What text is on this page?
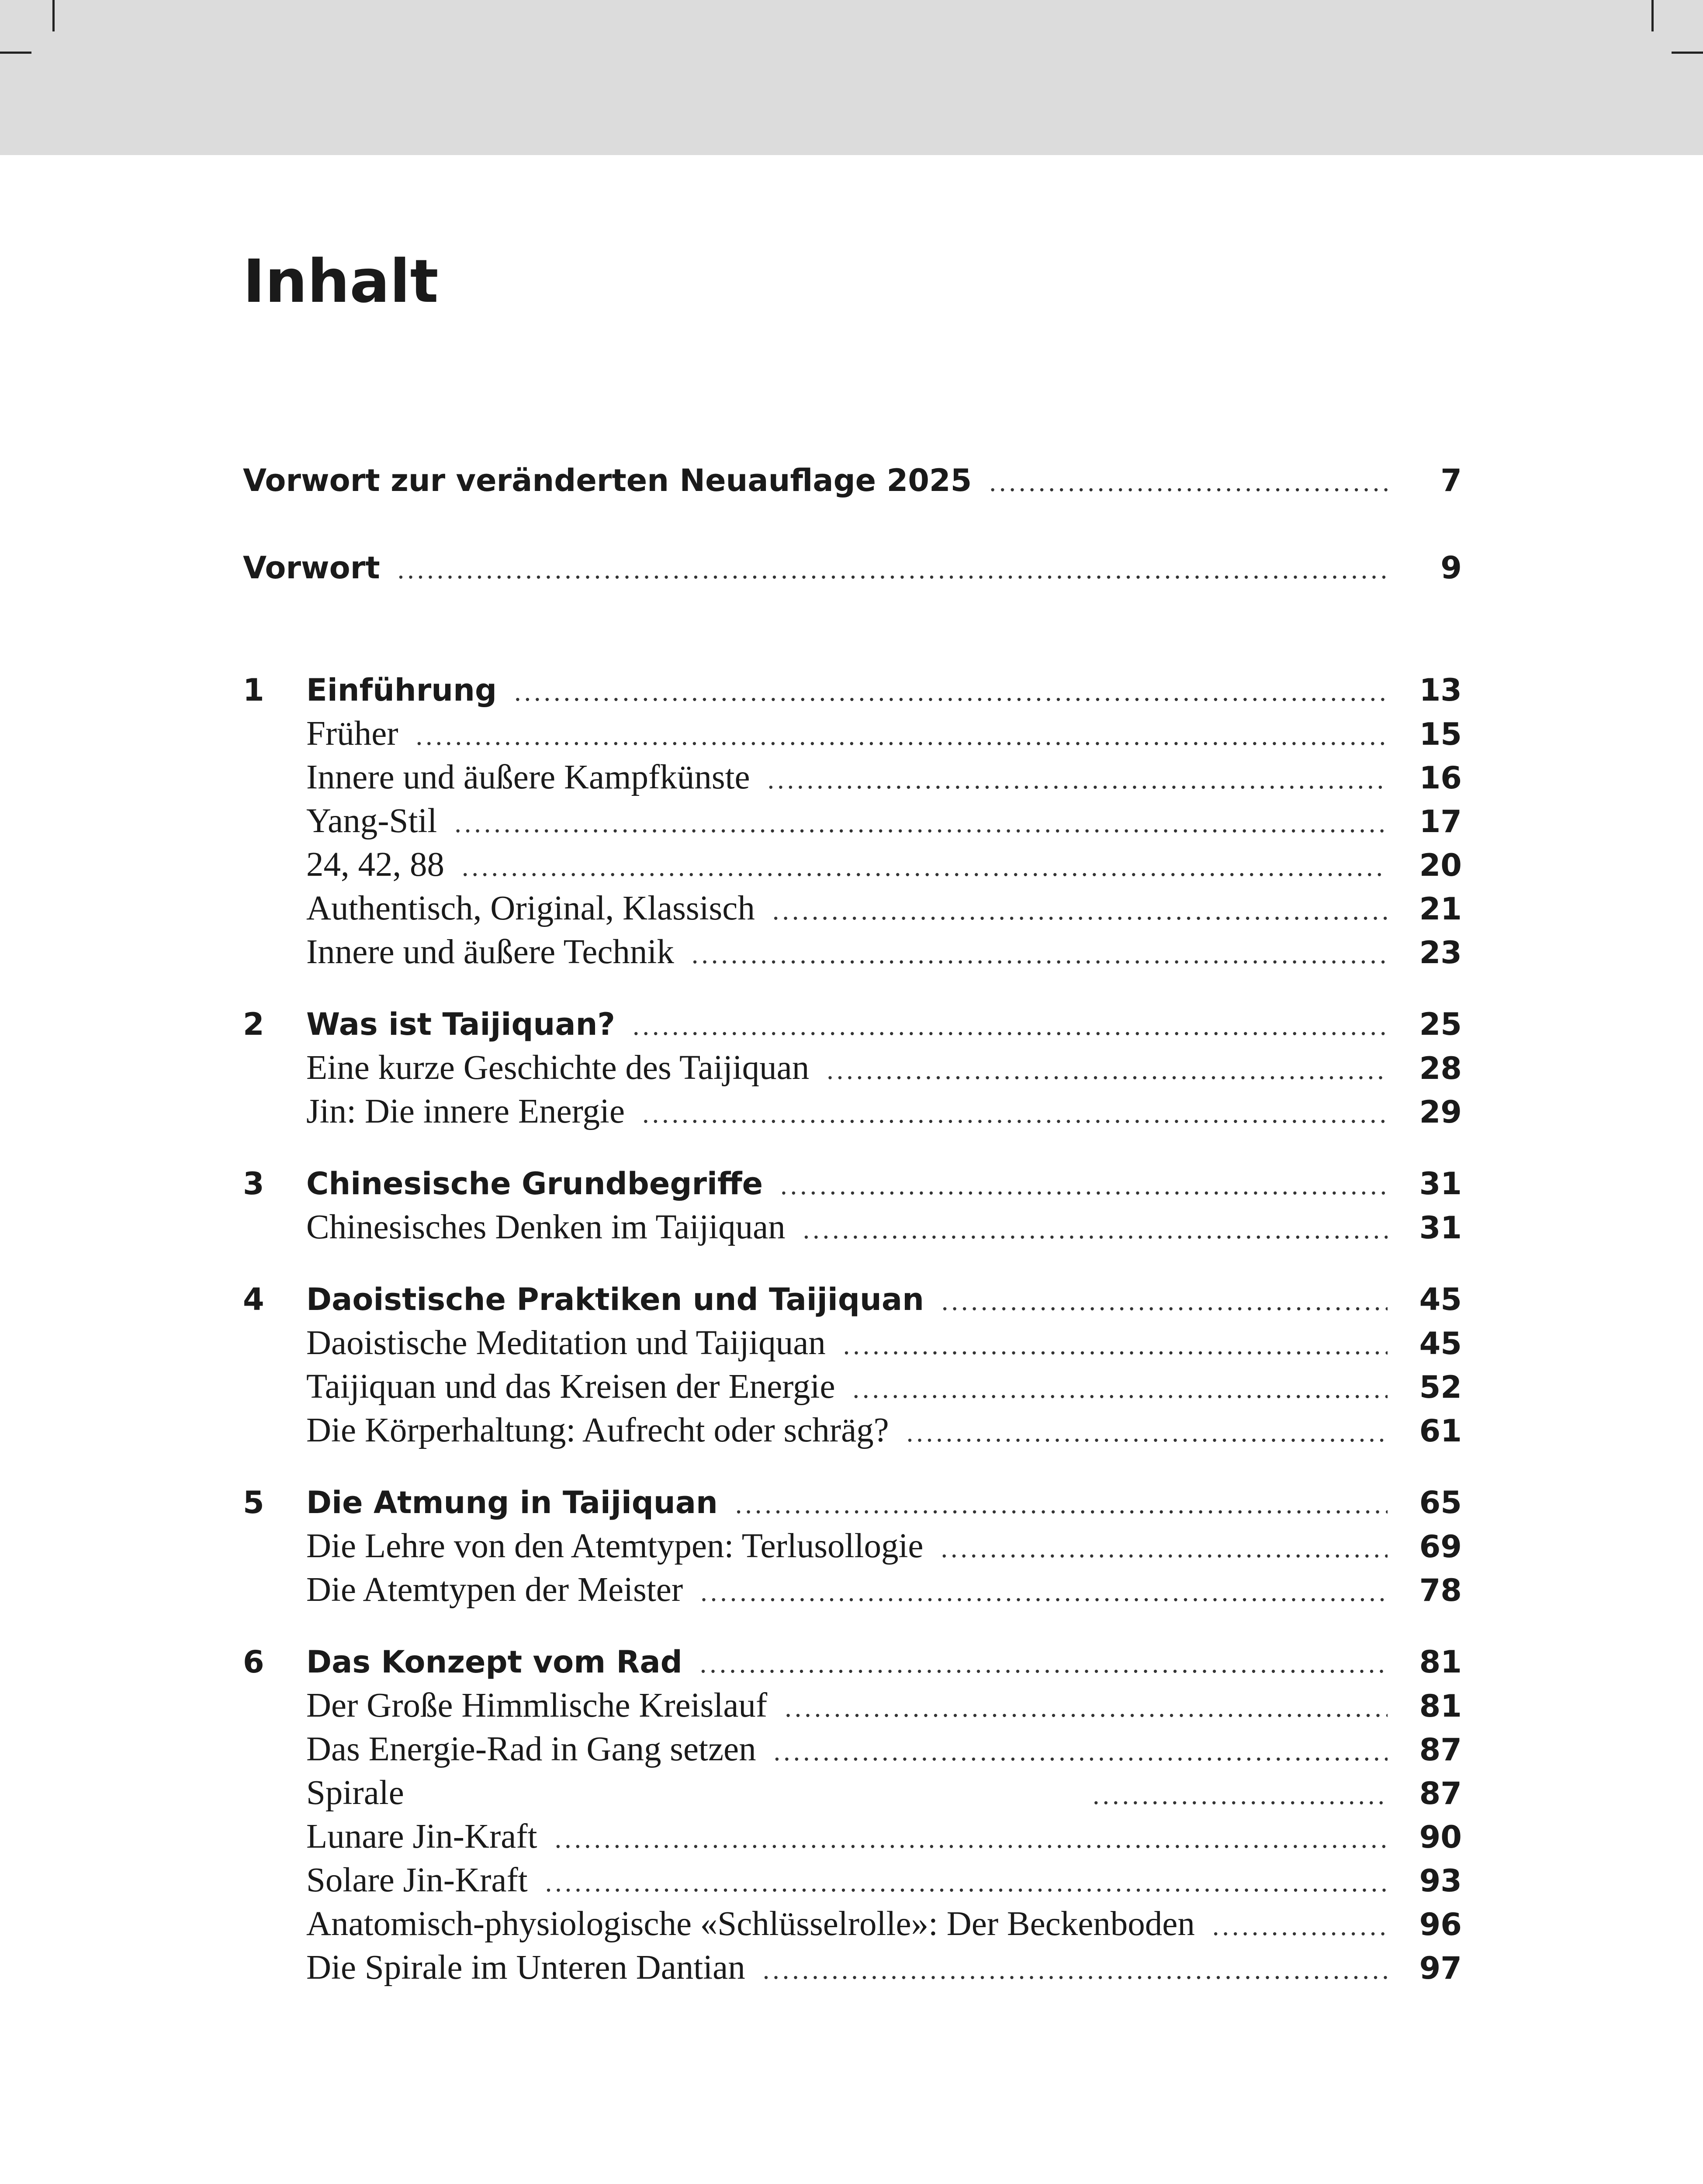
Inhalt
Vorwort zur veränderten Neuauflage 2025 .....	7
Vorwort .....	9
1	Einführung .....	13
Früher .....	15
Innere und äußere Kampfkünste .....	16
Yang-Stil .....	17
24, 42, 88 .....	20
Authentisch, Original, Klassisch .....	21
Innere und äußere Technik .....	23
2	Was ist Taijiquan? .....	25
Eine kurze Geschichte des Taijiquan .....	28
Jin: Die innere Energie .....	29
3	Chinesische Grundbegriffe .....	31
Chinesisches Denken im Taijiquan .....	31
4	Daoistische Praktiken und Taijiquan .....	45
Daoistische Meditation und Taijiquan .....	45
Taijiquan und das Kreisen der Energie .....	52
Die Körperhaltung: Aufrecht oder schräg? .....	61
5	Die Atmung in Taijiquan .....	65
Die Lehre von den Atemtypen: Terlusollogie .....	69
Die Atemtypen der Meister .....	78
6	Das Konzept vom Rad .....	81
Der Große Himmlische Kreislauf .....	81
Das Energie-Rad in Gang setzen .....	87
Spirale .....	87
Lunare Jin-Kraft .....	90
Solare Jin-Kraft .....	93
Anatomisch-physiologische «Schlüsselrolle»: Der Beckenboden .....	96
Die Spirale im Unteren Dantian .....	97
